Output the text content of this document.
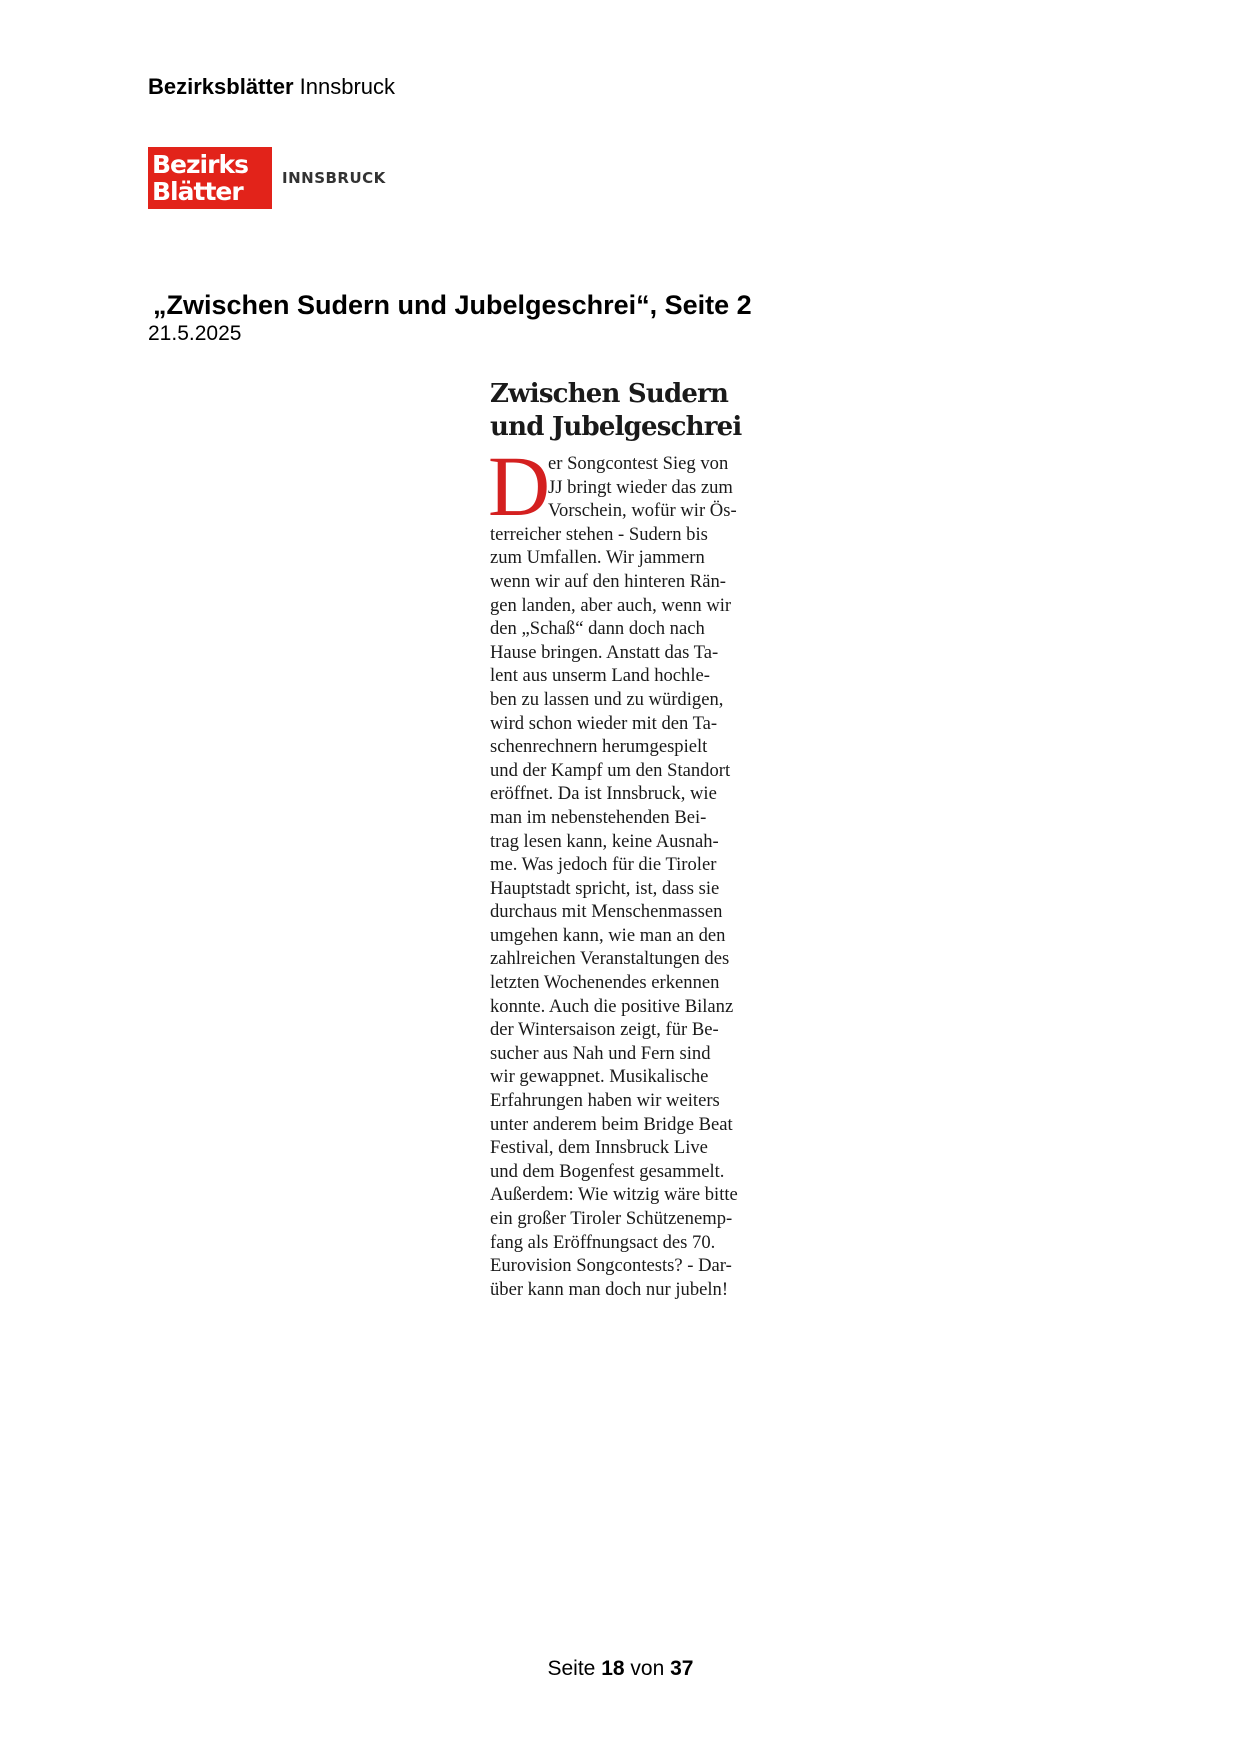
Bezirksblätter Innsbruck
Bezirks
Blätter	INNSBRUCK
„Zwischen Sudern und Jubelgeschrei“, Seite 2
21.5.2025
Zwischen Sudern
und Jubelgeschrei
D
er Songcontest Sieg von
JJ bringt wieder das zum
Vorschein, wofür wir Ös-
terreicher stehen - Sudern bis
zum Umfallen. Wir jammern
wenn wir auf den hinteren Rän-
gen landen, aber auch, wenn wir
den „Schaß“ dann doch nach
Hause bringen. Anstatt das Ta-
lent aus unserm Land hochle-
ben zu lassen und zu würdigen,
wird schon wieder mit den Ta-
schenrechnern herumgespielt
und der Kampf um den Standort
eröffnet. Da ist Innsbruck, wie
man im nebenstehenden Bei-
trag lesen kann, keine Ausnah-
me. Was jedoch für die Tiroler
Hauptstadt spricht, ist, dass sie
durchaus mit Menschenmassen
umgehen kann, wie man an den
zahlreichen Veranstaltungen des
letzten Wochenendes erkennen
konnte. Auch die positive Bilanz
der Wintersaison zeigt, für Be-
sucher aus Nah und Fern sind
wir gewappnet. Musikalische
Erfahrungen haben wir weiters
unter anderem beim Bridge Beat
Festival, dem Innsbruck Live
und dem Bogenfest gesammelt.
Außerdem: Wie witzig wäre bitte
ein großer Tiroler Schützenemp-
fang als Eröffnungsact des 70.
Eurovision Songcontests? - Dar-
über kann man doch nur jubeln!
Seite 18 von 37
